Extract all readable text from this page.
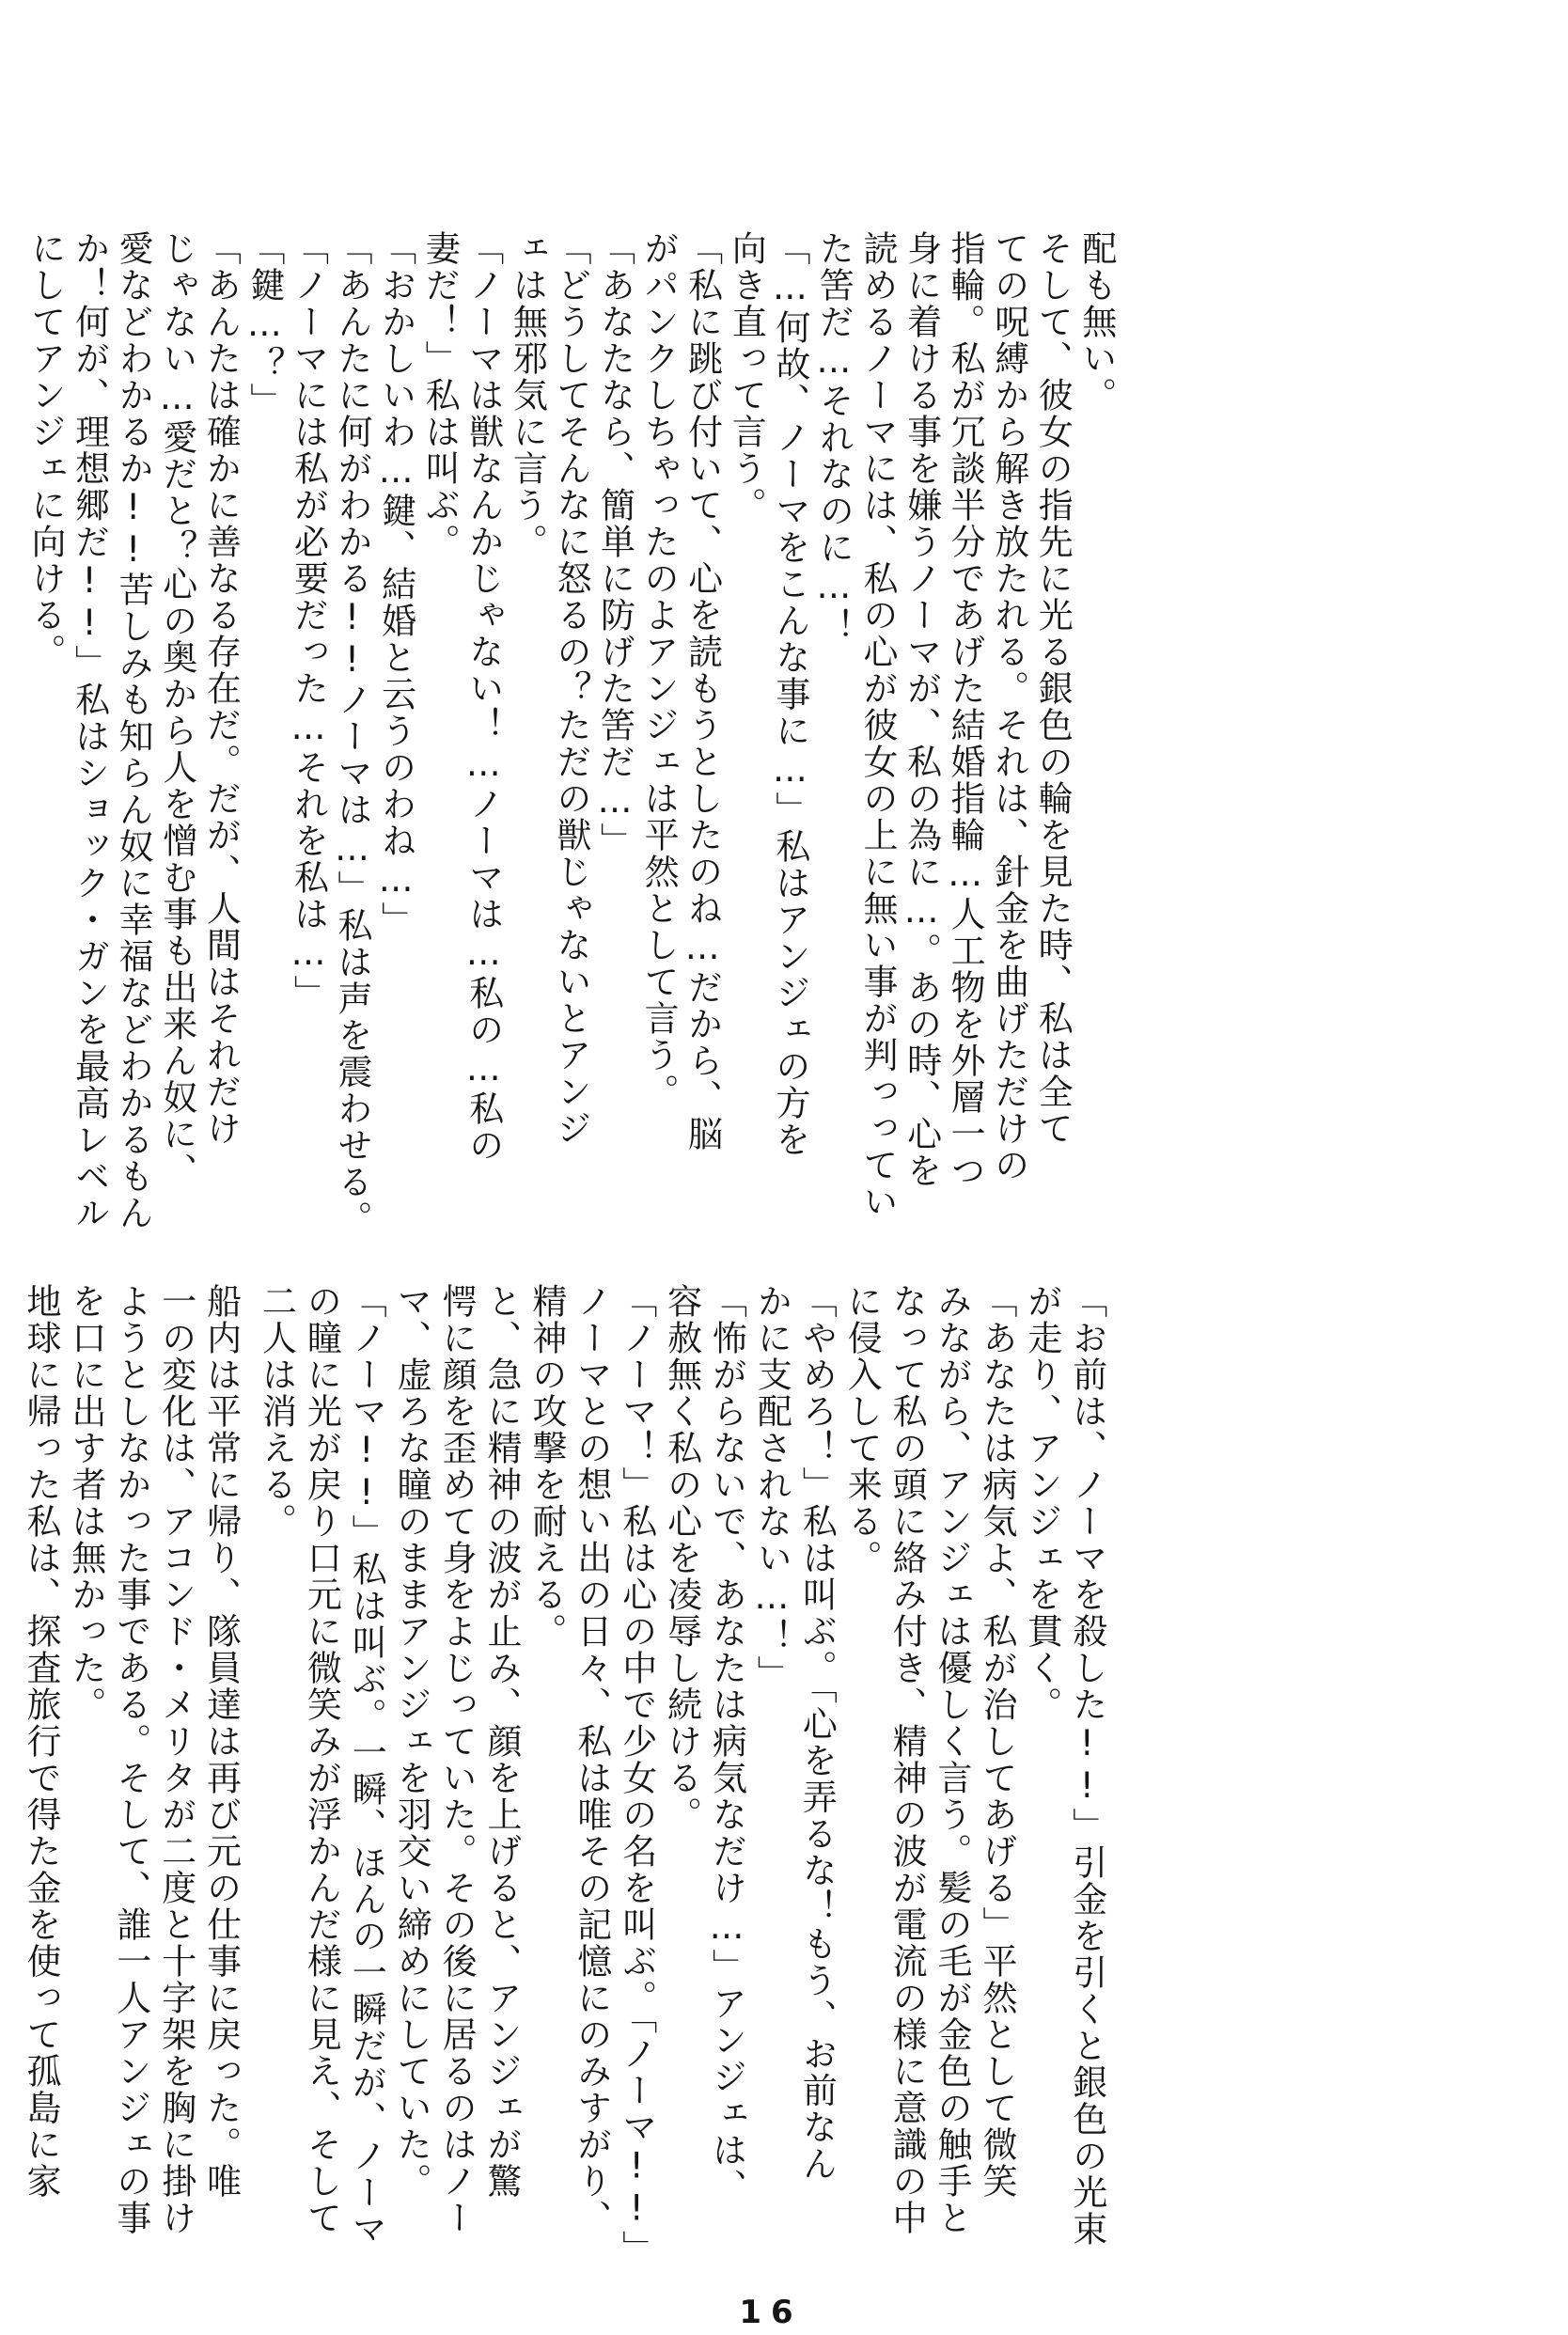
配も無い。
そして、彼女の指先に光る銀色の輪を見た時、私は全て
ての呪縛から解き放たれる。それは、針金を曲げただけの
指輪。私が冗談半分であげた結婚指輪…人工物を外層一つ
身に着ける事を嫌うノーマが、私の為に…。あの時、心を
読めるノーマには、私の心が彼女の上に無い事が判っってい
た筈だ…それなのに…！
「…何故、ノーマをこんな事に…」私はアンジェの方を
向き直って言う。
「私に跳び付いて、心を読もうとしたのね…だから、脳
がパンクしちゃったのよアンジェは平然として言う。
「あなたなら、簡単に防げた筈だ…」
「どうしてそんなに怒るの？ただの獣じゃないとアンジ
ェは無邪気に言う。
「ノーマは獣なんかじゃない！…ノーマは…私の…私の
妻だ！」私は叫ぶ。
「おかしいわ…鍵、結婚と云うのわね…」
「あんたに何がわかる!!ノーマは…」私は声を震わせる。
「ノーマには私が必要だった…それを私は…」
「鍵…？」
「あんたは確かに善なる存在だ。だが、人間はそれだけ
じゃない…愛だと？心の奥から人を憎む事も出来ん奴に、
愛などわかるか!!苦しみも知らん奴に幸福などわかるもん
か！何が、理想郷だ!!」私はショック・ガンを最高レベル
にしてアンジェに向ける。
「お前は、ノーマを殺した!!」引金を引くと銀色の光束
が走り、アンジェを貫く。
「あなたは病気よ、私が治してあげる」平然として微笑
みながら、アンジェは優しく言う。髪の毛が金色の触手と
なって私の頭に絡み付き、精神の波が電流の様に意識の中
に侵入して来る。
「やめろ！」私は叫ぶ。「心を弄るな！もう、お前なん
かに支配されない…！」
「怖がらないで、あなたは病気なだけ…」アンジェは、
容赦無く私の心を凌辱し続ける。
「ノーマ！」私は心の中で少女の名を叫ぶ。「ノーマ!!」
ノーマとの想い出の日々、私は唯その記憶にのみすがり、
精神の攻撃を耐える。
と、急に精神の波が止み、顔を上げると、アンジェが驚
愕に顔を歪めて身をよじっていた。その後に居るのはノー
マ、虚ろな瞳のままアンジェを羽交い締めにしていた。
「ノーマ!!」私は叫ぶ。一瞬、ほんの一瞬だが、ノーマ
の瞳に光が戻り口元に微笑みが浮かんだ様に見え、そして
二人は消える。
船内は平常に帰り、隊員達は再び元の仕事に戻った。唯
一の変化は、アコンド・メリタが二度と十字架を胸に掛け
ようとしなかった事である。そして、誰一人アンジェの事
を口に出す者は無かった。
地球に帰った私は、探査旅行で得た金を使って孤島に家
16
